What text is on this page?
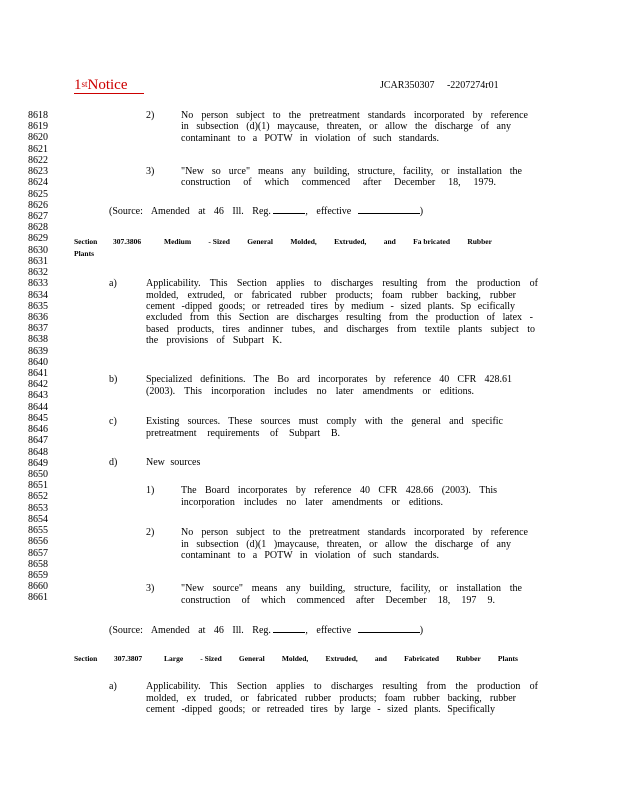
1stNotice	JCAR350307     -2207274r01
8618
8619
8620
8621
8622
8623
8624
8625
8626
8627
8628
8629
8630
8631
8632
8633
8634
8635
8636
8637
8638
8639
8640
8641
8642
8643
8644
8645
8646
8647
8648
8649
8650
8651
8652
8653
8654
8655
8656
8657
8658
8659
8660
8661
2)	No person subject to the pretreatment standards incorporated by reference
in subsection (d)(1) maycause, threaten, or allow the discharge of any
contaminant to a POTW in violation of such standards.
3)	"New so urce" means any building, structure, facility, or installation the
construction of which commenced after December 18, 1979.
(Source: Amended at 46 Ill. Reg.	, effective	)
Section 307.3806	Medium - Sized General Molded, Extruded, and Fa bricated Rubber
Plants
a)	Applicability. This Section applies to discharges resulting from the production of
molded, extruded, or fabricated rubber products; foam rubber backing, rubber
cement -dipped goods; or retreaded tires by medium - sized plants. Sp ecifically
excluded from this Section are discharges resulting from the production of latex -
based products, tires andinner tubes, and discharges from textile plants subject to
the provisions of Subpart K.
b)	Specialized definitions. The Bo ard incorporates by reference 40 CFR 428.61
(2003). This incorporation includes no later amendments or editions.
c)	Existing sources. These sources must comply with the general and specific
pretreatment requirements of Subpart B.
d)	New sources
1)	The Board incorporates by reference 40 CFR 428.66 (2003). This
incorporation includes no later amendments or editions.
2)	No person subject to the pretreatment standards incorporated by reference
in subsection (d)(1 )maycause, threaten, or allow the discharge of any
contaminant to a POTW in violation of such standards.
3)	"New source" means any building, structure, facility, or installation the
construction of which commenced after December 18, 197 9.
(Source: Amended at 46 Ill. Reg.	, effective	)
Section 307.3807	Large - Sized General Molded, Extruded, and Fabricated Rubber Plants
a)	Applicability. This Section applies to discharges resulting from the production of
molded, ex truded, or fabricated rubber products; foam rubber backing, rubber
cement -dipped goods; or retreaded tires by large - sized plants. Specifically
